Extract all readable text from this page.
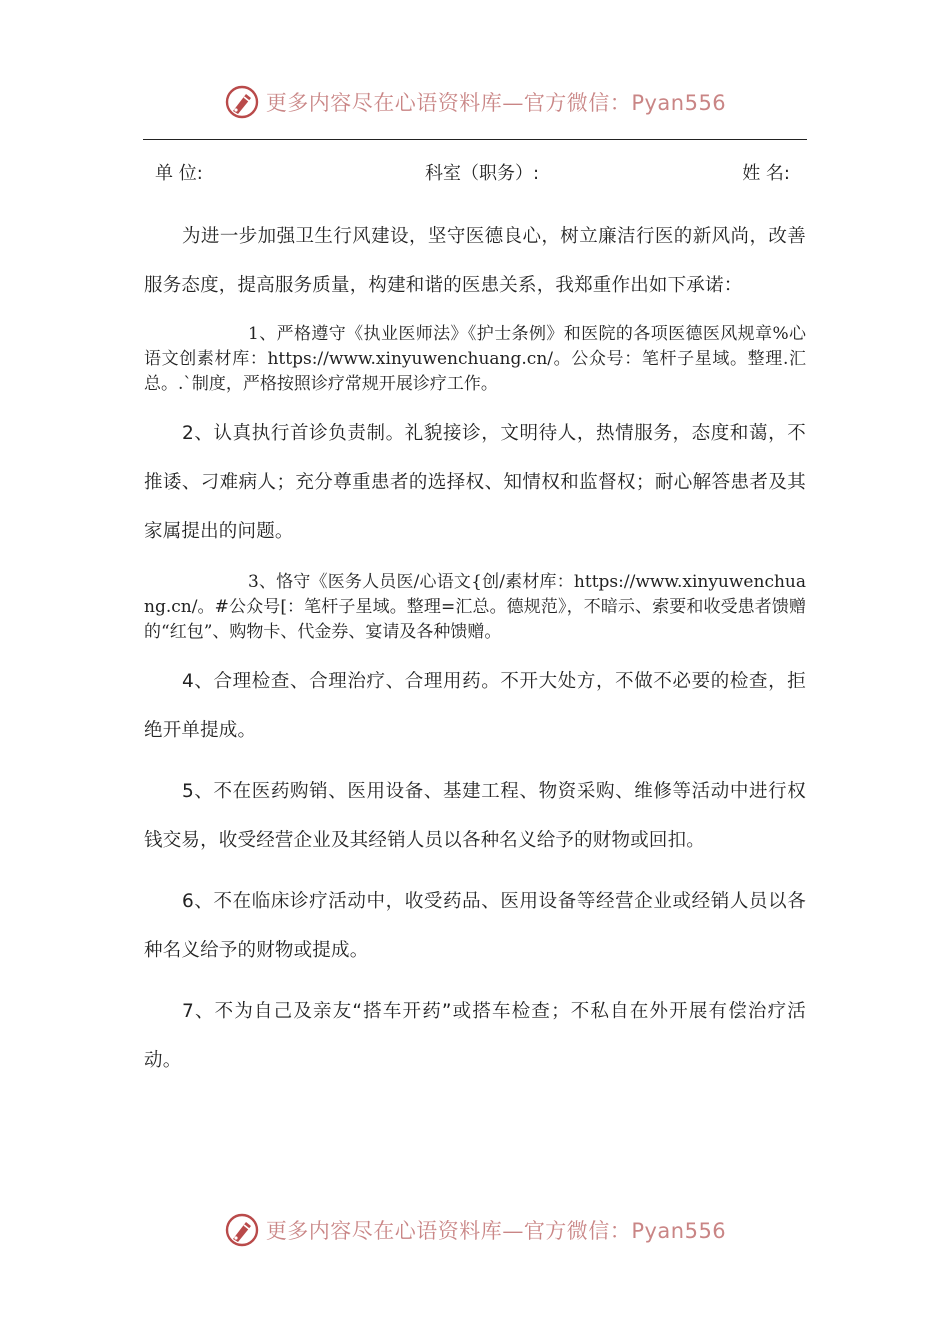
更多内容尽在心语资料库—官方微信：Pyan556
单 位:	科室（职务）:	姓 名:

为进一步加强卫生行风建设，坚守医德良心，树立廉洁行医的新风尚，改善服务态度，提高服务质量，构建和谐的医患关系，我郑重作出如下承诺：

1、严格遵守《执业医师法》《护士条例》和医院的各项医德医风规章%心语文创素材库：https://www.xinyuwenchuang.cn/。公众号：笔杆子星域。整理.汇总。.`制度，严格按照诊疗常规开展诊疗工作。

2、认真执行首诊负责制。礼貌接诊，文明待人，热情服务，态度和蔼，不推诿、刁难病人；充分尊重患者的选择权、知情权和监督权；耐心解答患者及其家属提出的问题。

3、恪守《医务人员医/心语文{创/素材库：https://www.xinyuwenchuang.cn/。#公众号[：笔杆子星域。整理=汇总。德规范》，不暗示、索要和收受患者馈赠的“红包”、购物卡、代金券、宴请及各种馈赠。

4、合理检查、合理治疗、合理用药。不开大处方，不做不必要的检查，拒绝开单提成。

5、不在医药购销、医用设备、基建工程、物资采购、维修等活动中进行权钱交易，收受经营企业及其经销人员以各种名义给予的财物或回扣。

6、不在临床诊疗活动中，收受药品、医用设备等经营企业或经销人员以各种名义给予的财物或提成。

7、不为自己及亲友“搭车开药”或搭车检查；不私自在外开展有偿治疗活动。

更多内容尽在心语资料库—官方微信：Pyan556
